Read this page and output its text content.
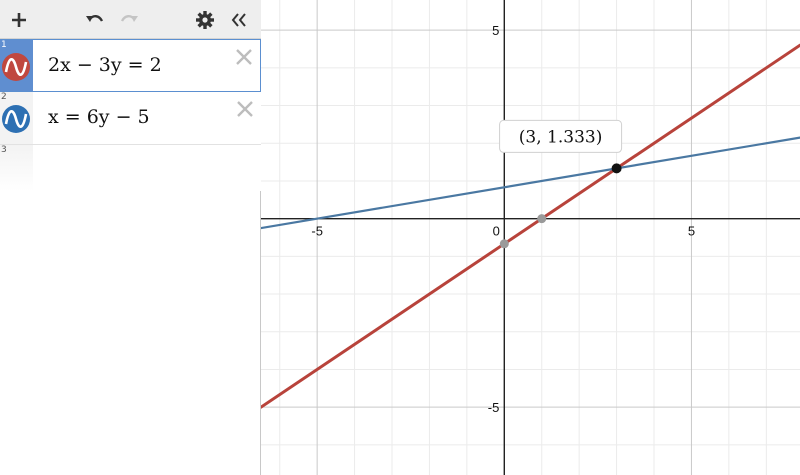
1
2x − 3y = 2
2
x = 6y − 5
3
-5	0	5
5
-5
(3, 1.333)
